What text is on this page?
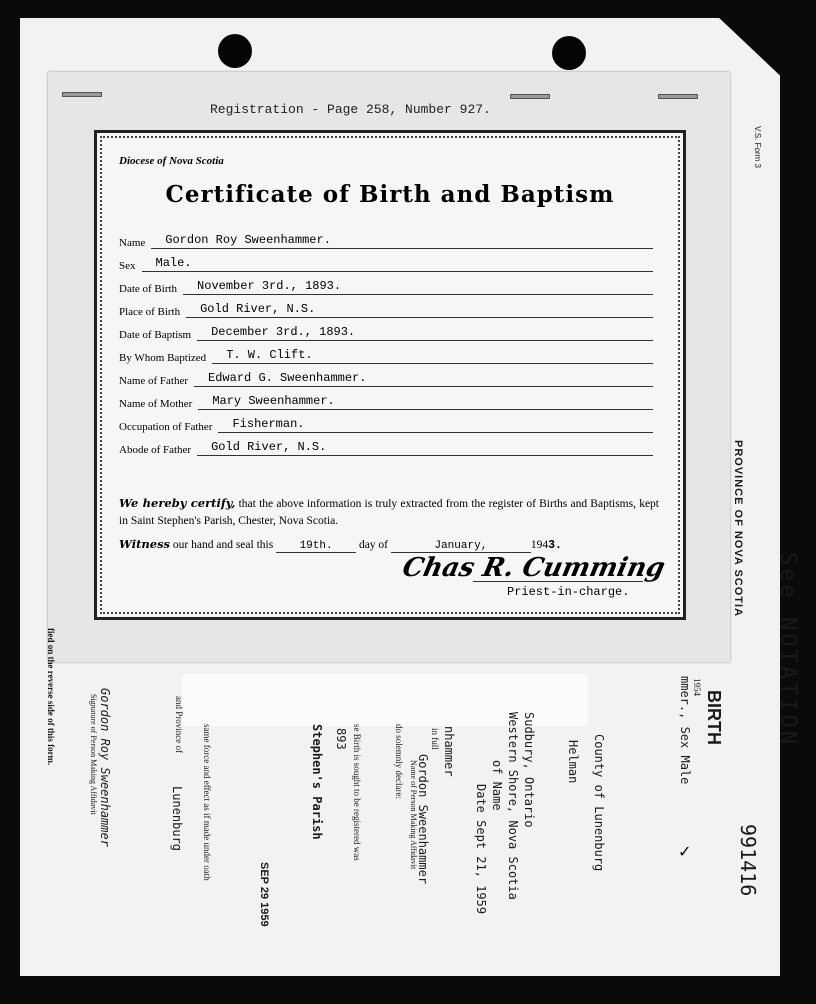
Registration - Page 258, Number 927.
Diocese of Nova Scotia
Certificate of Birth and Baptism
Name	Gordon Roy Sweenhammer.
Sex	Male.
Date of Birth	November 3rd., 1893.
Place of Birth	Gold River, N.S.
Date of Baptism	December 3rd., 1893.
By Whom Baptized	T. W. Clift.
Name of Father	Edward G. Sweenhammer.
Name of Mother	Mary Sweenhammer.
Occupation of Father	Fisherman.
Abode of Father	Gold River, N.S.
We hereby certify, that the above information is truly extracted from the register of Births and Baptisms, kept in Saint Stephen's Parish, Chester, Nova Scotia.
Witness our hand and seal this 19th. day of	January,	1943.
Chas R. Cumming
Priest-in-charge.
V.S. Form 3
PROVINCE OF NOVA SCOTIA
See NOTATION
BIRTH
1954
991416
✓
mmer., Sex Male
County of Lunenburg
Helman
Sudbury, Ontario
Western Shore, Nova Scotia
Date Sept 21, 1959 of Name
in full
Gordon Sweenhammer
Name of Person Making Affidavit
do solemnly declare:	nhammer
se Birth is sought to be registered was
893
Stephen's Parish
and Province of
Lunenburg same force and effect as if made under oath
SEP 29 1959
Signature of Person Making Affidavit Gordon Roy Sweenhammer
fied on the reverse side of this form.
